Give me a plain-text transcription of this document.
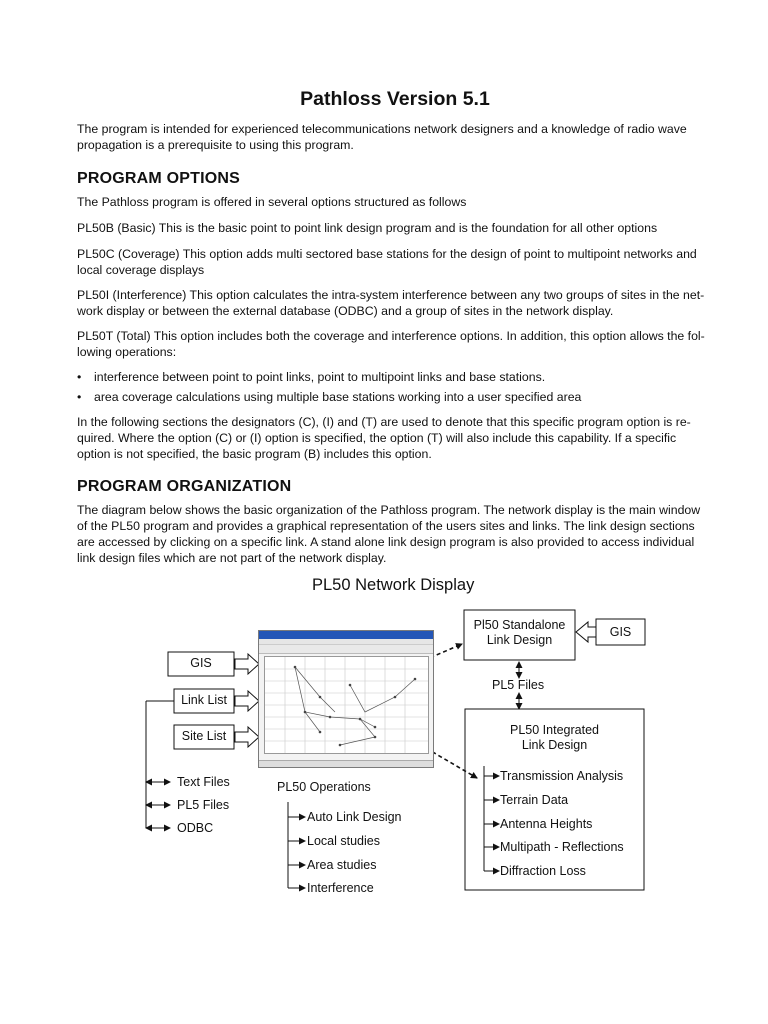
Pathloss Version 5.1

The program is intended for experienced telecommunications network designers and a knowledge of radio wave propagation is a prerequisite to using this program.

PROGRAM OPTIONS

The Pathloss program is offered in several options structured as follows

PL50B (Basic) This is the basic point to point link design program and is the foundation for all other options

PL50C (Coverage) This option adds multi sectored base stations for the design of point to multipoint networks and local coverage displays

PL50I (Interference) This option calculates the intra-system interference between any two groups of sites in the net-work display or between the external database (ODBC) and a group of sites in the network display.

PL50T (Total) This option includes both the coverage and interference options. In addition, this option allows the fol-lowing operations:

• interference between point to point links, point to multipoint links and base stations.
• area coverage calculations using multiple base stations working into a user specified area

In the following sections the designators (C), (I) and (T) are used to denote that this specific program option is re-quired. Where the option (C) or (I) option is specified, the option (T) will also include this capability. If a specific option is not specified, the basic program (B) includes this option.

PROGRAM ORGANIZATION

The diagram below shows the basic organization of the Pathloss program. The network display is the main window of the PL50 program and provides a graphical representation of the users sites and links. The link design sections are accessed by clicking on a specific link. A stand alone link design program is also provided to access individual link design files which are not part of the network display.

PL50 Network Display
GIS
Link List
Site List
Text Files
PL5 Files
ODBC
PL50 Operations
Auto Link Design
Local studies
Area studies
Interference
Pl50 Standalone
Link Design
GIS
PL5 Files
PL50 Integrated
Link Design
Transmission Analysis
Terrain Data
Antenna Heights
Multipath - Reflections
Diffraction Loss
